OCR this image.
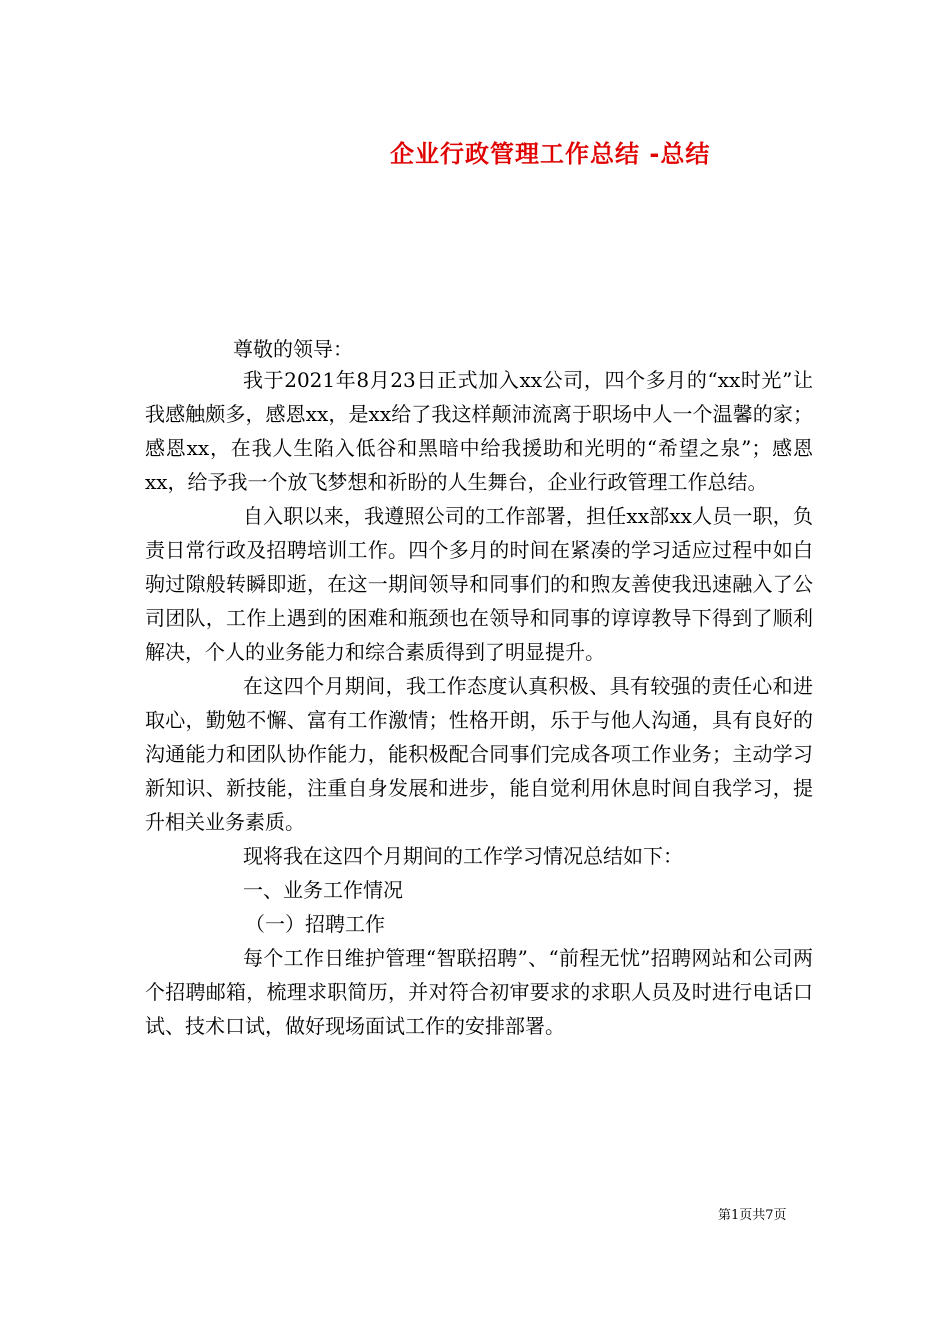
企业行政管理工作总结 -总结
尊敬的领导：

我于2021年8月23日正式加入xx公司，四个多月的“xx时光”让我感触颇多，感恩xx，是xx给了我这样颠沛流离于职场中人一个温馨的家；感恩xx，在我人生陷入低谷和黑暗中给我援助和光明的“希望之泉”；感恩xx，给予我一个放飞梦想和祈盼的人生舞台，企业行政管理工作总结。

自入职以来，我遵照公司的工作部署，担任xx部xx人员一职，负责日常行政及招聘培训工作。四个多月的时间在紧凑的学习适应过程中如白驹过隙般转瞬即逝，在这一期间领导和同事们的和煦友善使我迅速融入了公司团队，工作上遇到的困难和瓶颈也在领导和同事的谆谆教导下得到了顺利解决，个人的业务能力和综合素质得到了明显提升。

在这四个月期间，我工作态度认真积极、具有较强的责任心和进取心，勤勉不懈、富有工作激情；性格开朗，乐于与他人沟通，具有良好的沟通能力和团队协作能力，能积极配合同事们完成各项工作业务；主动学习新知识、新技能，注重自身发展和进步，能自觉利用休息时间自我学习，提升相关业务素质。

现将我在这四个月期间的工作学习情况总结如下：

一、业务工作情况

（一）招聘工作

每个工作日维护管理“智联招聘”、“前程无忧”招聘网站和公司两个招聘邮箱，梳理求职简历，并对符合初审要求的求职人员及时进行电话口试、技术口试，做好现场面试工作的安排部署。

第1页共7页
